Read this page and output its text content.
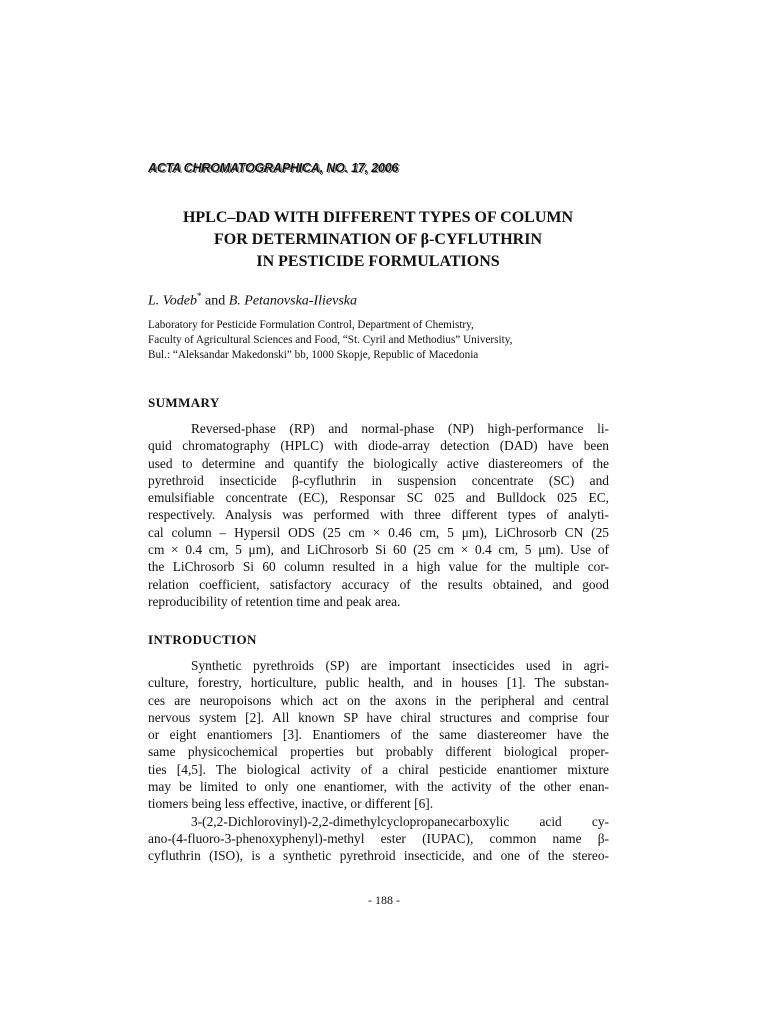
ACTA CHROMATOGRAPHICA, NO. 17, 2006
HPLC–DAD WITH DIFFERENT TYPES OF COLUMN
FOR DETERMINATION OF β-CYFLUTHRIN
IN PESTICIDE FORMULATIONS
L. Vodeb* and B. Petanovska-Ilievska
Laboratory for Pesticide Formulation Control, Department of Chemistry,
Faculty of Agricultural Sciences and Food, “St. Cyril and Methodius” University,
Bul.: “Aleksandar Makedonski” bb, 1000 Skopje, Republic of Macedonia
SUMMARY
Reversed-phase (RP) and normal-phase (NP) high-performance li-
quid chromatography (HPLC) with diode-array detection (DAD) have been
used to determine and quantify the biologically active diastereomers of the
pyrethroid insecticide β-cyfluthrin in suspension concentrate (SC) and
emulsifiable concentrate (EC), Responsar SC 025 and Bulldock 025 EC,
respectively. Analysis was performed with three different types of analyti-
cal column – Hypersil ODS (25 cm × 0.46 cm, 5 μm), LiChrosorb CN (25
cm × 0.4 cm, 5 μm), and LiChrosorb Si 60 (25 cm × 0.4 cm, 5 μm). Use of
the LiChrosorb Si 60 column resulted in a high value for the multiple cor-
relation coefficient, satisfactory accuracy of the results obtained, and good
reproducibility of retention time and peak area.
INTRODUCTION
Synthetic pyrethroids (SP) are important insecticides used in agri-
culture, forestry, horticulture, public health, and in houses [1]. The substan-
ces are neuropoisons which act on the axons in the peripheral and central
nervous system [2]. All known SP have chiral structures and comprise four
or eight enantiomers [3]. Enantiomers of the same diastereomer have the
same physicochemical properties but probably different biological proper-
ties [4,5]. The biological activity of a chiral pesticide enantiomer mixture
may be limited to only one enantiomer, with the activity of the other enan-
tiomers being less effective, inactive, or different [6].
3-(2,2-Dichlorovinyl)-2,2-dimethylcyclopropanecarboxylic acid cy-
ano-(4-fluoro-3-phenoxyphenyl)-methyl ester (IUPAC), common name β-
cyfluthrin (ISO), is a synthetic pyrethroid insecticide, and one of the stereo-
- 188 -
